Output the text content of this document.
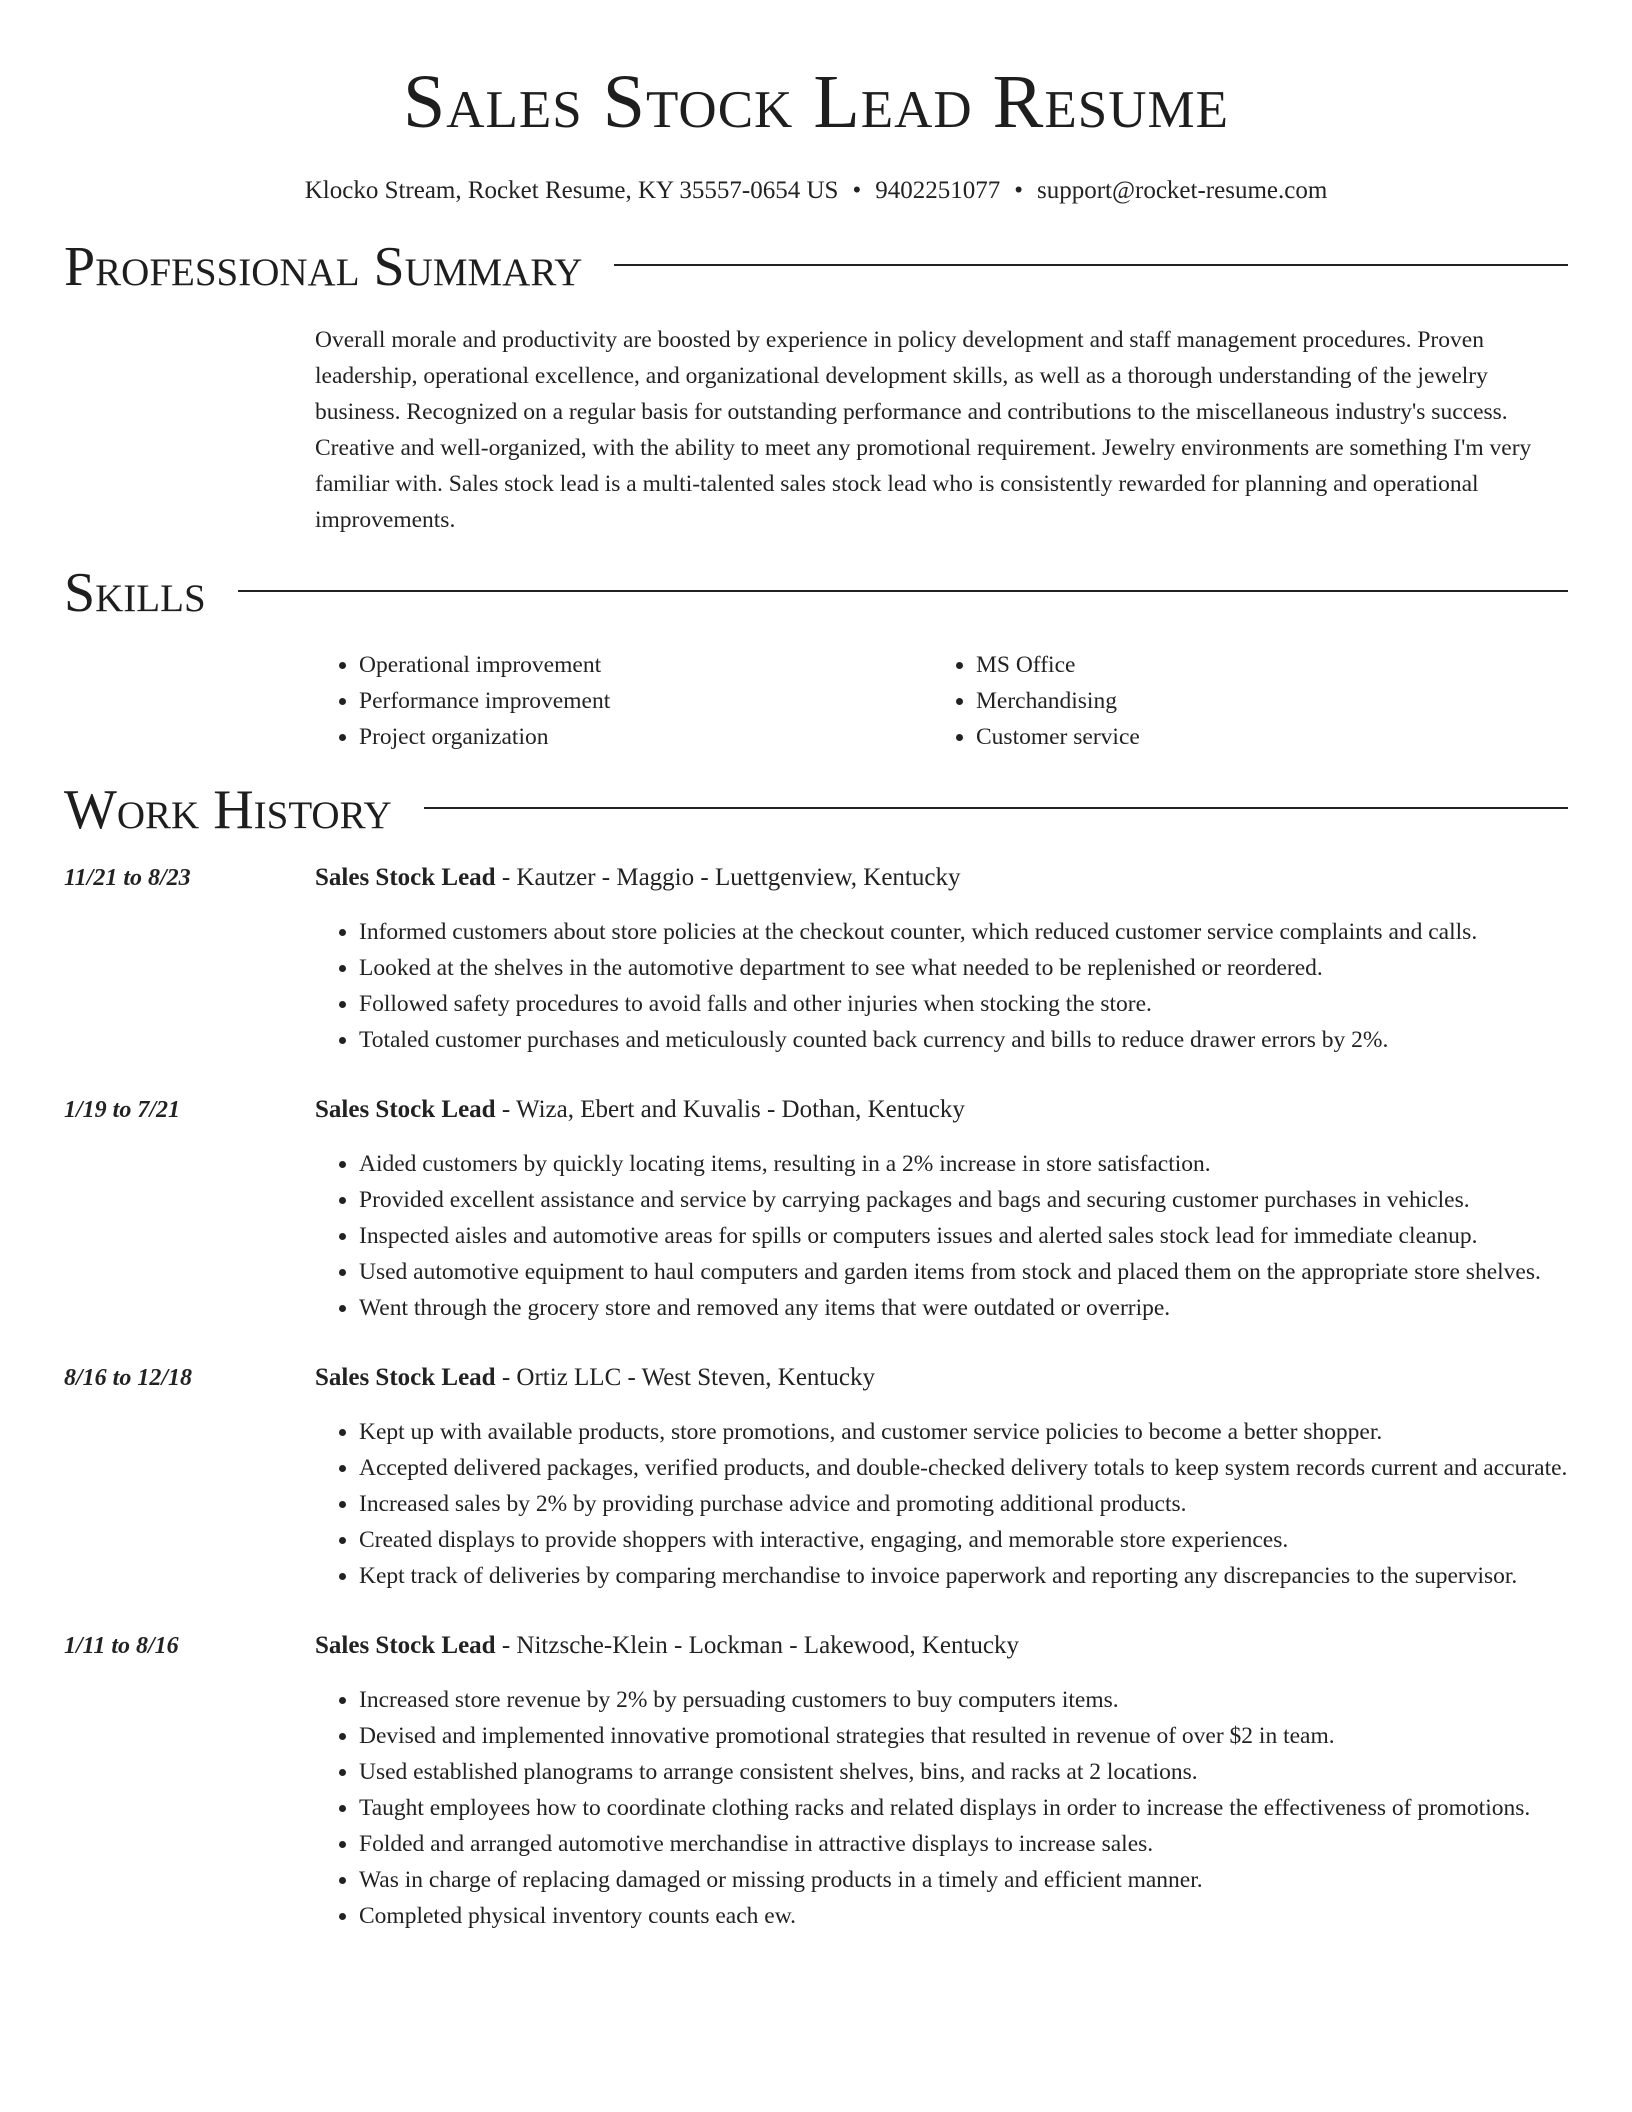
Sales Stock Lead Resume
Klocko Stream, Rocket Resume, KY 35557-0654 US • 9402251077 • support@rocket-resume.com
Professional Summary
Overall morale and productivity are boosted by experience in policy development and staff management procedures. Proven leadership, operational excellence, and organizational development skills, as well as a thorough understanding of the jewelry business. Recognized on a regular basis for outstanding performance and contributions to the miscellaneous industry's success. Creative and well-organized, with the ability to meet any promotional requirement. Jewelry environments are something I'm very familiar with. Sales stock lead is a multi-talented sales stock lead who is consistently rewarded for planning and operational improvements.
Skills
• Operational improvement
• Performance improvement
• Project organization
• MS Office
• Merchandising
• Customer service
Work History
11/21 to 8/23	Sales Stock Lead - Kautzer - Maggio - Luettgenview, Kentucky
• Informed customers about store policies at the checkout counter, which reduced customer service complaints and calls.
• Looked at the shelves in the automotive department to see what needed to be replenished or reordered.
• Followed safety procedures to avoid falls and other injuries when stocking the store.
• Totaled customer purchases and meticulously counted back currency and bills to reduce drawer errors by 2%.
1/19 to 7/21	Sales Stock Lead - Wiza, Ebert and Kuvalis - Dothan, Kentucky
• Aided customers by quickly locating items, resulting in a 2% increase in store satisfaction.
• Provided excellent assistance and service by carrying packages and bags and securing customer purchases in vehicles.
• Inspected aisles and automotive areas for spills or computers issues and alerted sales stock lead for immediate cleanup.
• Used automotive equipment to haul computers and garden items from stock and placed them on the appropriate store shelves.
• Went through the grocery store and removed any items that were outdated or overripe.
8/16 to 12/18	Sales Stock Lead - Ortiz LLC - West Steven, Kentucky
• Kept up with available products, store promotions, and customer service policies to become a better shopper.
• Accepted delivered packages, verified products, and double-checked delivery totals to keep system records current and accurate.
• Increased sales by 2% by providing purchase advice and promoting additional products.
• Created displays to provide shoppers with interactive, engaging, and memorable store experiences.
• Kept track of deliveries by comparing merchandise to invoice paperwork and reporting any discrepancies to the supervisor.
1/11 to 8/16	Sales Stock Lead - Nitzsche-Klein - Lockman - Lakewood, Kentucky
• Increased store revenue by 2% by persuading customers to buy computers items.
• Devised and implemented innovative promotional strategies that resulted in revenue of over $2 in team.
• Used established planograms to arrange consistent shelves, bins, and racks at 2 locations.
• Taught employees how to coordinate clothing racks and related displays in order to increase the effectiveness of promotions.
• Folded and arranged automotive merchandise in attractive displays to increase sales.
• Was in charge of replacing damaged or missing products in a timely and efficient manner.
• Completed physical inventory counts each ew.
